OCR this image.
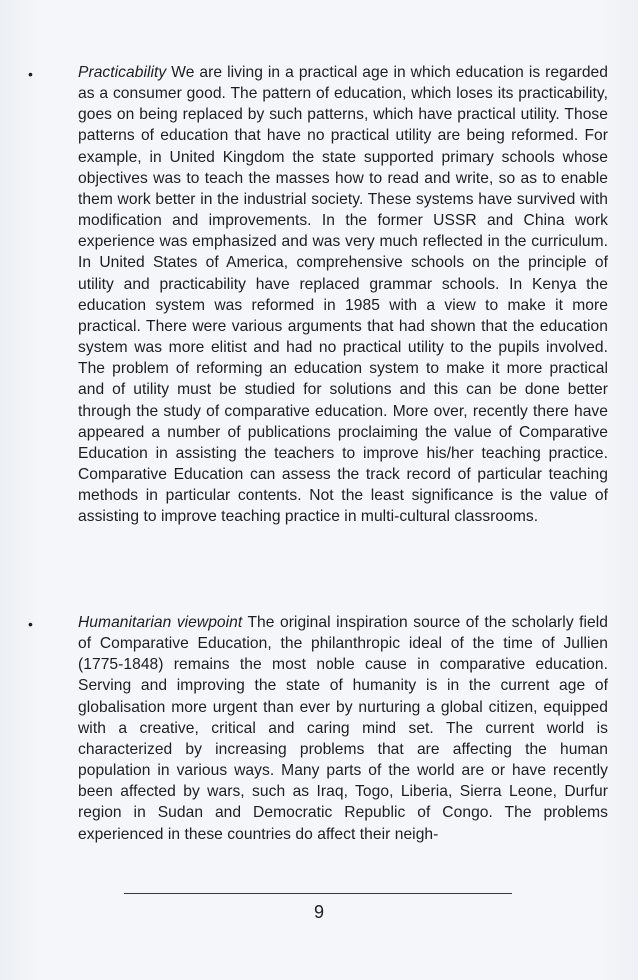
•	Practicability We are living in a practical age in which education is regarded as a consumer good. The pattern of education, which loses its practicability, goes on being replaced by such patterns, which have practical utility. Those patterns of education that have no practical utility are being reformed. For example, in United Kingdom the state supported primary schools whose objectives was to teach the masses how to read and write, so as to enable them work better in the industrial society. These systems have survived with modification and improvements. In the former USSR and China work experience was emphasized and was very much reflected in the curriculum. In United States of America, comprehensive schools on the principle of utility and practicability have replaced grammar schools. In Kenya the education system was reformed in 1985 with a view to make it more practical. There were various arguments that had shown that the education system was more elitist and had no practical utility to the pupils involved. The problem of reforming an education system to make it more practical and of utility must be studied for solutions and this can be done better through the study of comparative education. More over, recently there have appeared a number of publications proclaiming the value of Comparative Education in assisting the teachers to improve his/her teaching practice. Comparative Education can assess the track record of particular teaching methods in particular contents. Not the least significance is the value of assisting to improve teaching practice in multi-cultural classrooms.
•	Humanitarian viewpoint The original inspiration source of the scholarly field of Comparative Education, the philanthropic ideal of the time of Jullien (1775-1848) remains the most noble cause in comparative education. Serving and improving the state of humanity is in the current age of globalisation more urgent than ever by nurturing a global citizen, equipped with a creative, critical and caring mind set. The current world is characterized by increasing problems that are affecting the human population in various ways. Many parts of the world are or have recently been affected by wars, such as Iraq, Togo, Liberia, Sierra Leone, Durfur region in Sudan and Democratic Republic of Congo. The problems experienced in these countries do affect their neigh-
9
